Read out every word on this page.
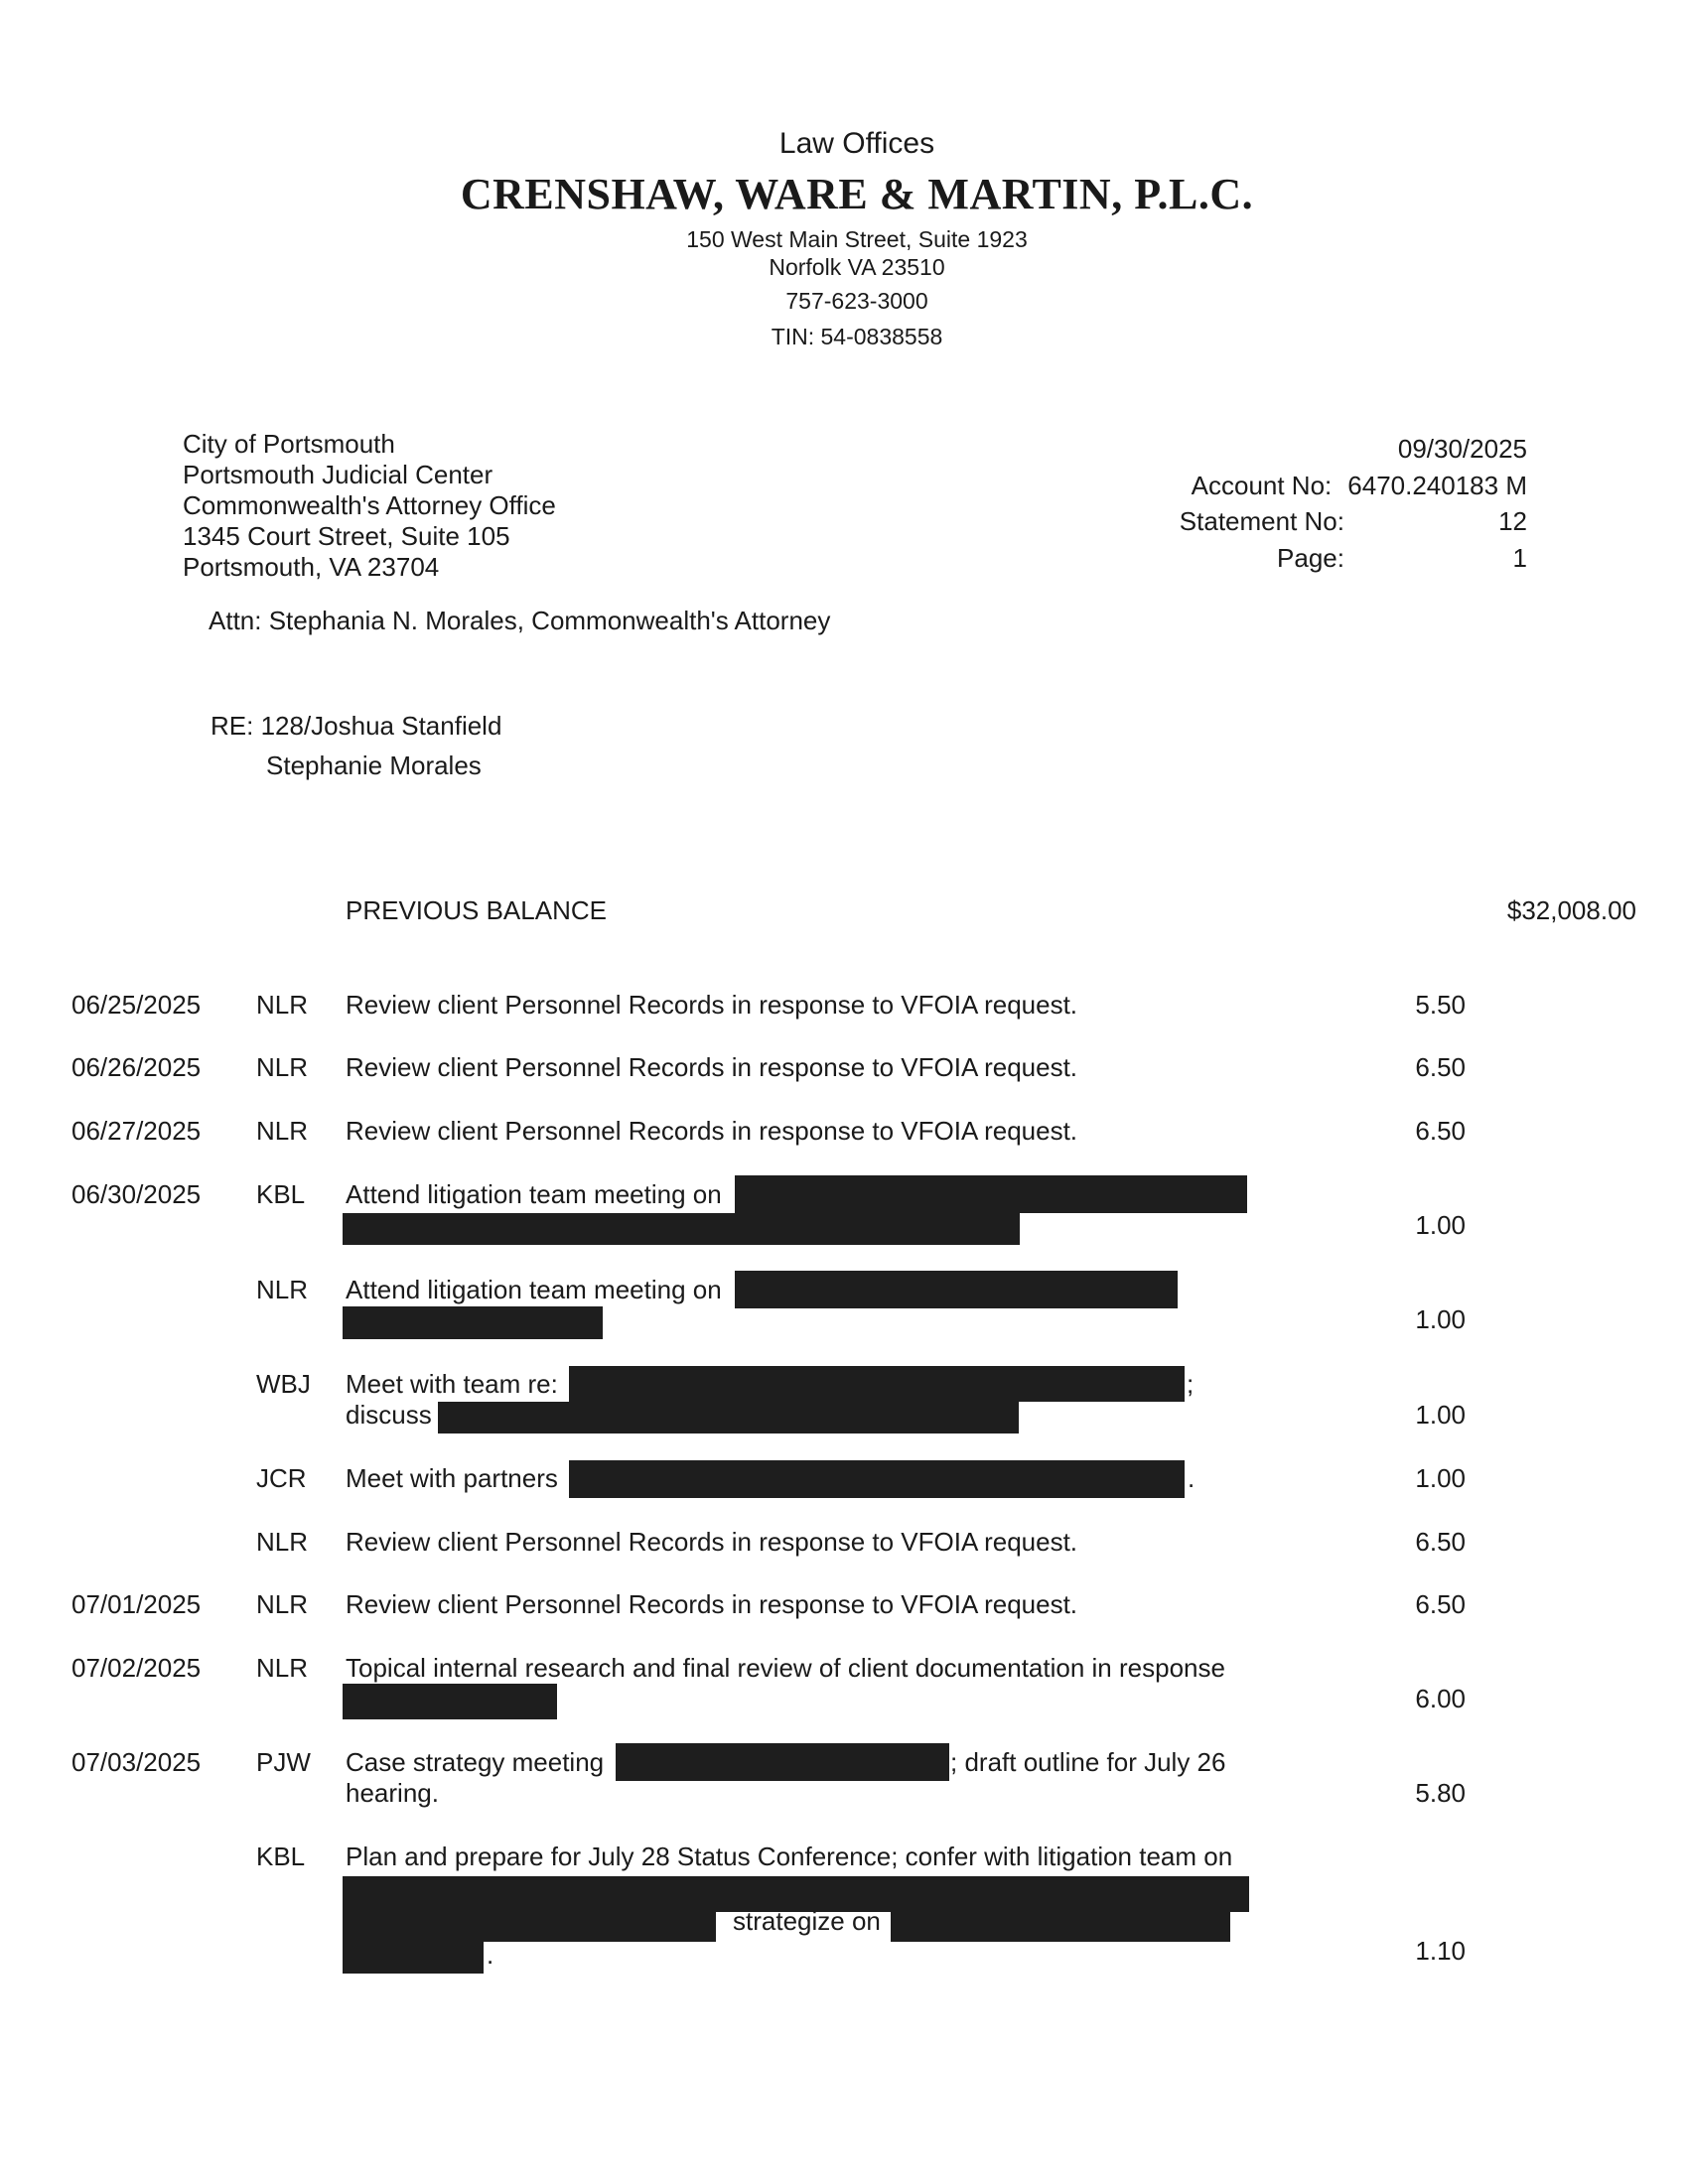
Law Offices
CRENSHAW, WARE & MARTIN, P.L.C.
150 West Main Street, Suite 1923
Norfolk VA 23510
757-623-3000
TIN: 54-0838558
City of Portsmouth
Portsmouth Judicial Center
Commonwealth's Attorney Office
1345 Court Street, Suite 105
Portsmouth, VA 23704
09/30/2025
Account No: 6470.240183 M
Statement No:	12
Page:	1
Attn: Stephania N. Morales, Commonwealth's Attorney
RE: 128/Joshua Stanfield
Stephanie Morales
PREVIOUS BALANCE	$32,008.00
06/25/2025 NLR	Review client Personnel Records in response to VFOIA request.	5.50
06/26/2025 NLR	Review client Personnel Records in response to VFOIA request.	6.50
06/27/2025 NLR	Review client Personnel Records in response to VFOIA request.	6.50
06/30/2025 KBL	Attend litigation team meeting on
1.00
NLR	Attend litigation team meeting on
1.00
WBJ Meet with team re:	;
discuss	1.00
JCR	Meet with partners	.	1.00
NLR	Review client Personnel Records in response to VFOIA request.	6.50
07/01/2025 NLR	Review client Personnel Records in response to VFOIA request.	6.50
07/02/2025 NLR	Topical internal research and final review of client documentation in response
6.00
07/03/2025 PJW Case strategy meeting	; draft outline for July 26
hearing.	5.80
KBL	Plan and prepare for July 28 Status Conference; confer with litigation team on
strategize on
.	1.10
